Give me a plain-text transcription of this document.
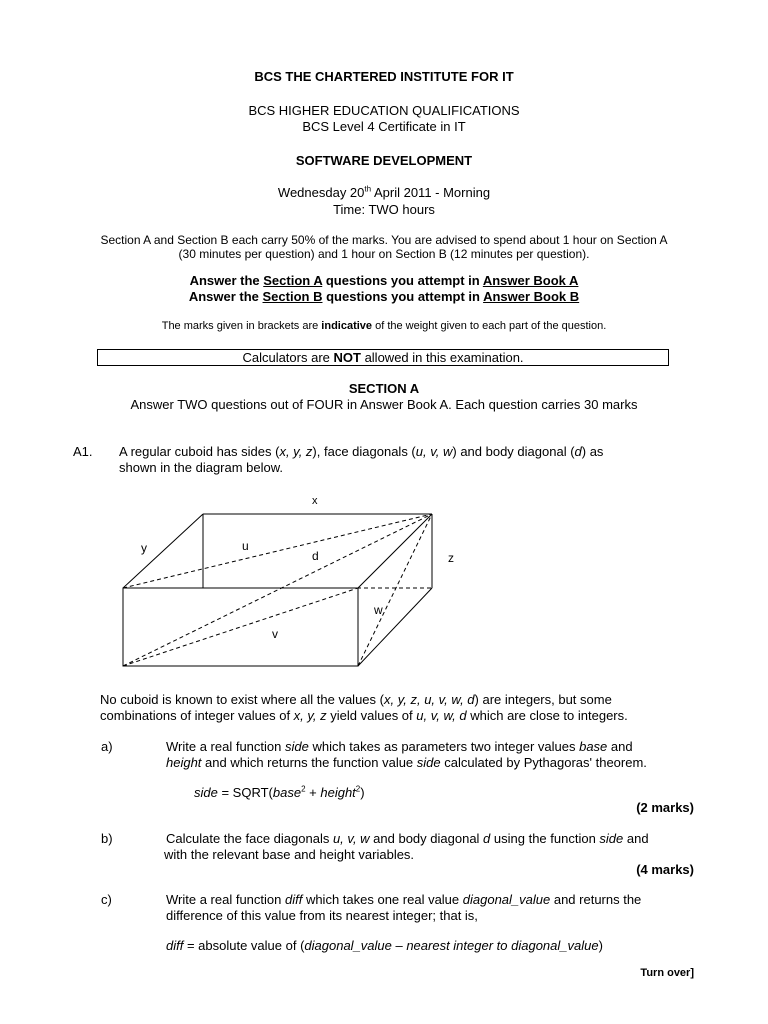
BCS THE CHARTERED INSTITUTE FOR IT
BCS HIGHER EDUCATION QUALIFICATIONS
BCS Level 4 Certificate in IT
SOFTWARE DEVELOPMENT
Wednesday 20th April 2011 - Morning
Time: TWO hours
Section A and Section B each carry 50% of the marks. You are advised to spend about 1 hour on Section A
(30 minutes per question) and 1 hour on Section B (12 minutes per question).
Answer the Section A questions you attempt in Answer Book A
Answer the Section B questions you attempt in Answer Book B
The marks given in brackets are indicative of the weight given to each part of the question.
Calculators are NOT allowed in this examination.
SECTION A
Answer TWO questions out of FOUR in Answer Book A. Each question carries 30 marks
A1. A regular cuboid has sides (x, y, z), face diagonals (u, v, w) and body diagonal (d) as
shown in the diagram below.
x
y
z
u
d
v
w
No cuboid is known to exist where all the values (x, y, z, u, v, w, d) are integers, but some
combinations of integer values of x, y, z yield values of u, v, w, d which are close to integers.
a)	Write a real function side which takes as parameters two integer values base and
height and which returns the function value side calculated by Pythagoras' theorem.
side = SQRT(base$^2$ + height$^2$)
(2 marks)
b)	Calculate the face diagonals u, v, w and body diagonal d using the function side and
with the relevant base and height variables.
(4 marks)
c)	Write a real function diff which takes one real value diagonal_value and returns the
difference of this value from its nearest integer; that is,
diff = absolute value of (diagonal_value – nearest integer to diagonal_value)
Turn over]
